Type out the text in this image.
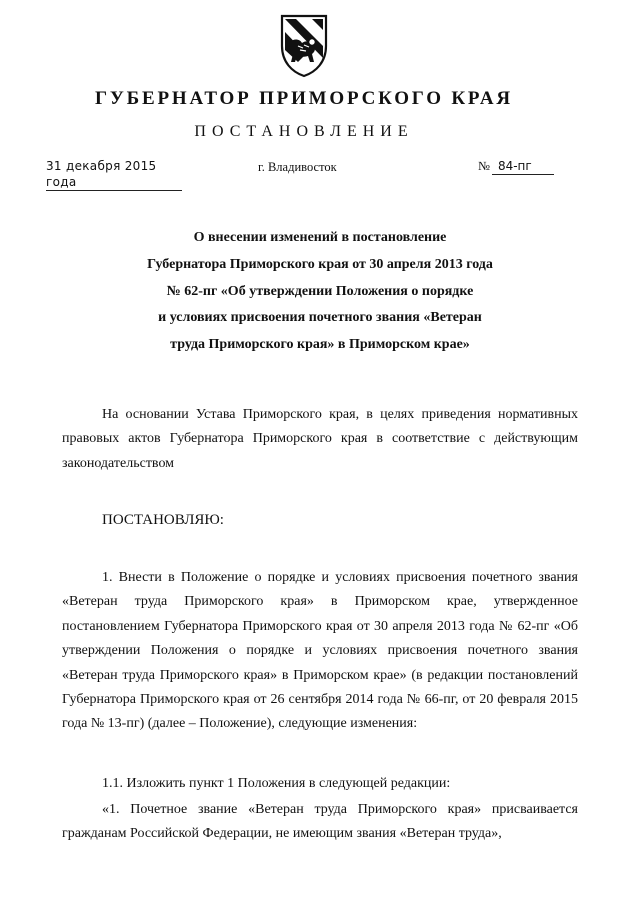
ГУБЕРНАТОР ПРИМОРСКОГО КРАЯ
ПОСТАНОВЛЕНИЕ
31 декабря 2015 года
г. Владивосток	№ 84-пг
О внесении изменений в постановление
Губернатора Приморского края от 30 апреля 2013 года
№ 62-пг «Об утверждении Положения о порядке
и условиях присвоения почетного звания «Ветеран
труда Приморского края» в Приморском крае»

На основании Устава Приморского края, в целях приведения нормативных правовых актов Губернатора Приморского края в соответствие с действующим законодательством

ПОСТАНОВЛЯЮ:

1. Внести в Положение о порядке и условиях присвоения почетного звания «Ветеран труда Приморского края» в Приморском крае, утвержденное постановлением Губернатора Приморского края от 30 апреля 2013 года № 62-пг «Об утверждении Положения о порядке и условиях присвоения почетного звания «Ветеран труда Приморского края» в Приморском крае» (в редакции постановлений Губернатора Приморского края от 26 сентября 2014 года № 66-пг, от 20 февраля 2015 года № 13-пг) (далее – Положение), следующие изменения:

1.1. Изложить пункт 1 Положения в следующей редакции:

«1. Почетное звание «Ветеран труда Приморского края» присваивается гражданам Российской Федерации, не имеющим звания «Ветеран труда»,
